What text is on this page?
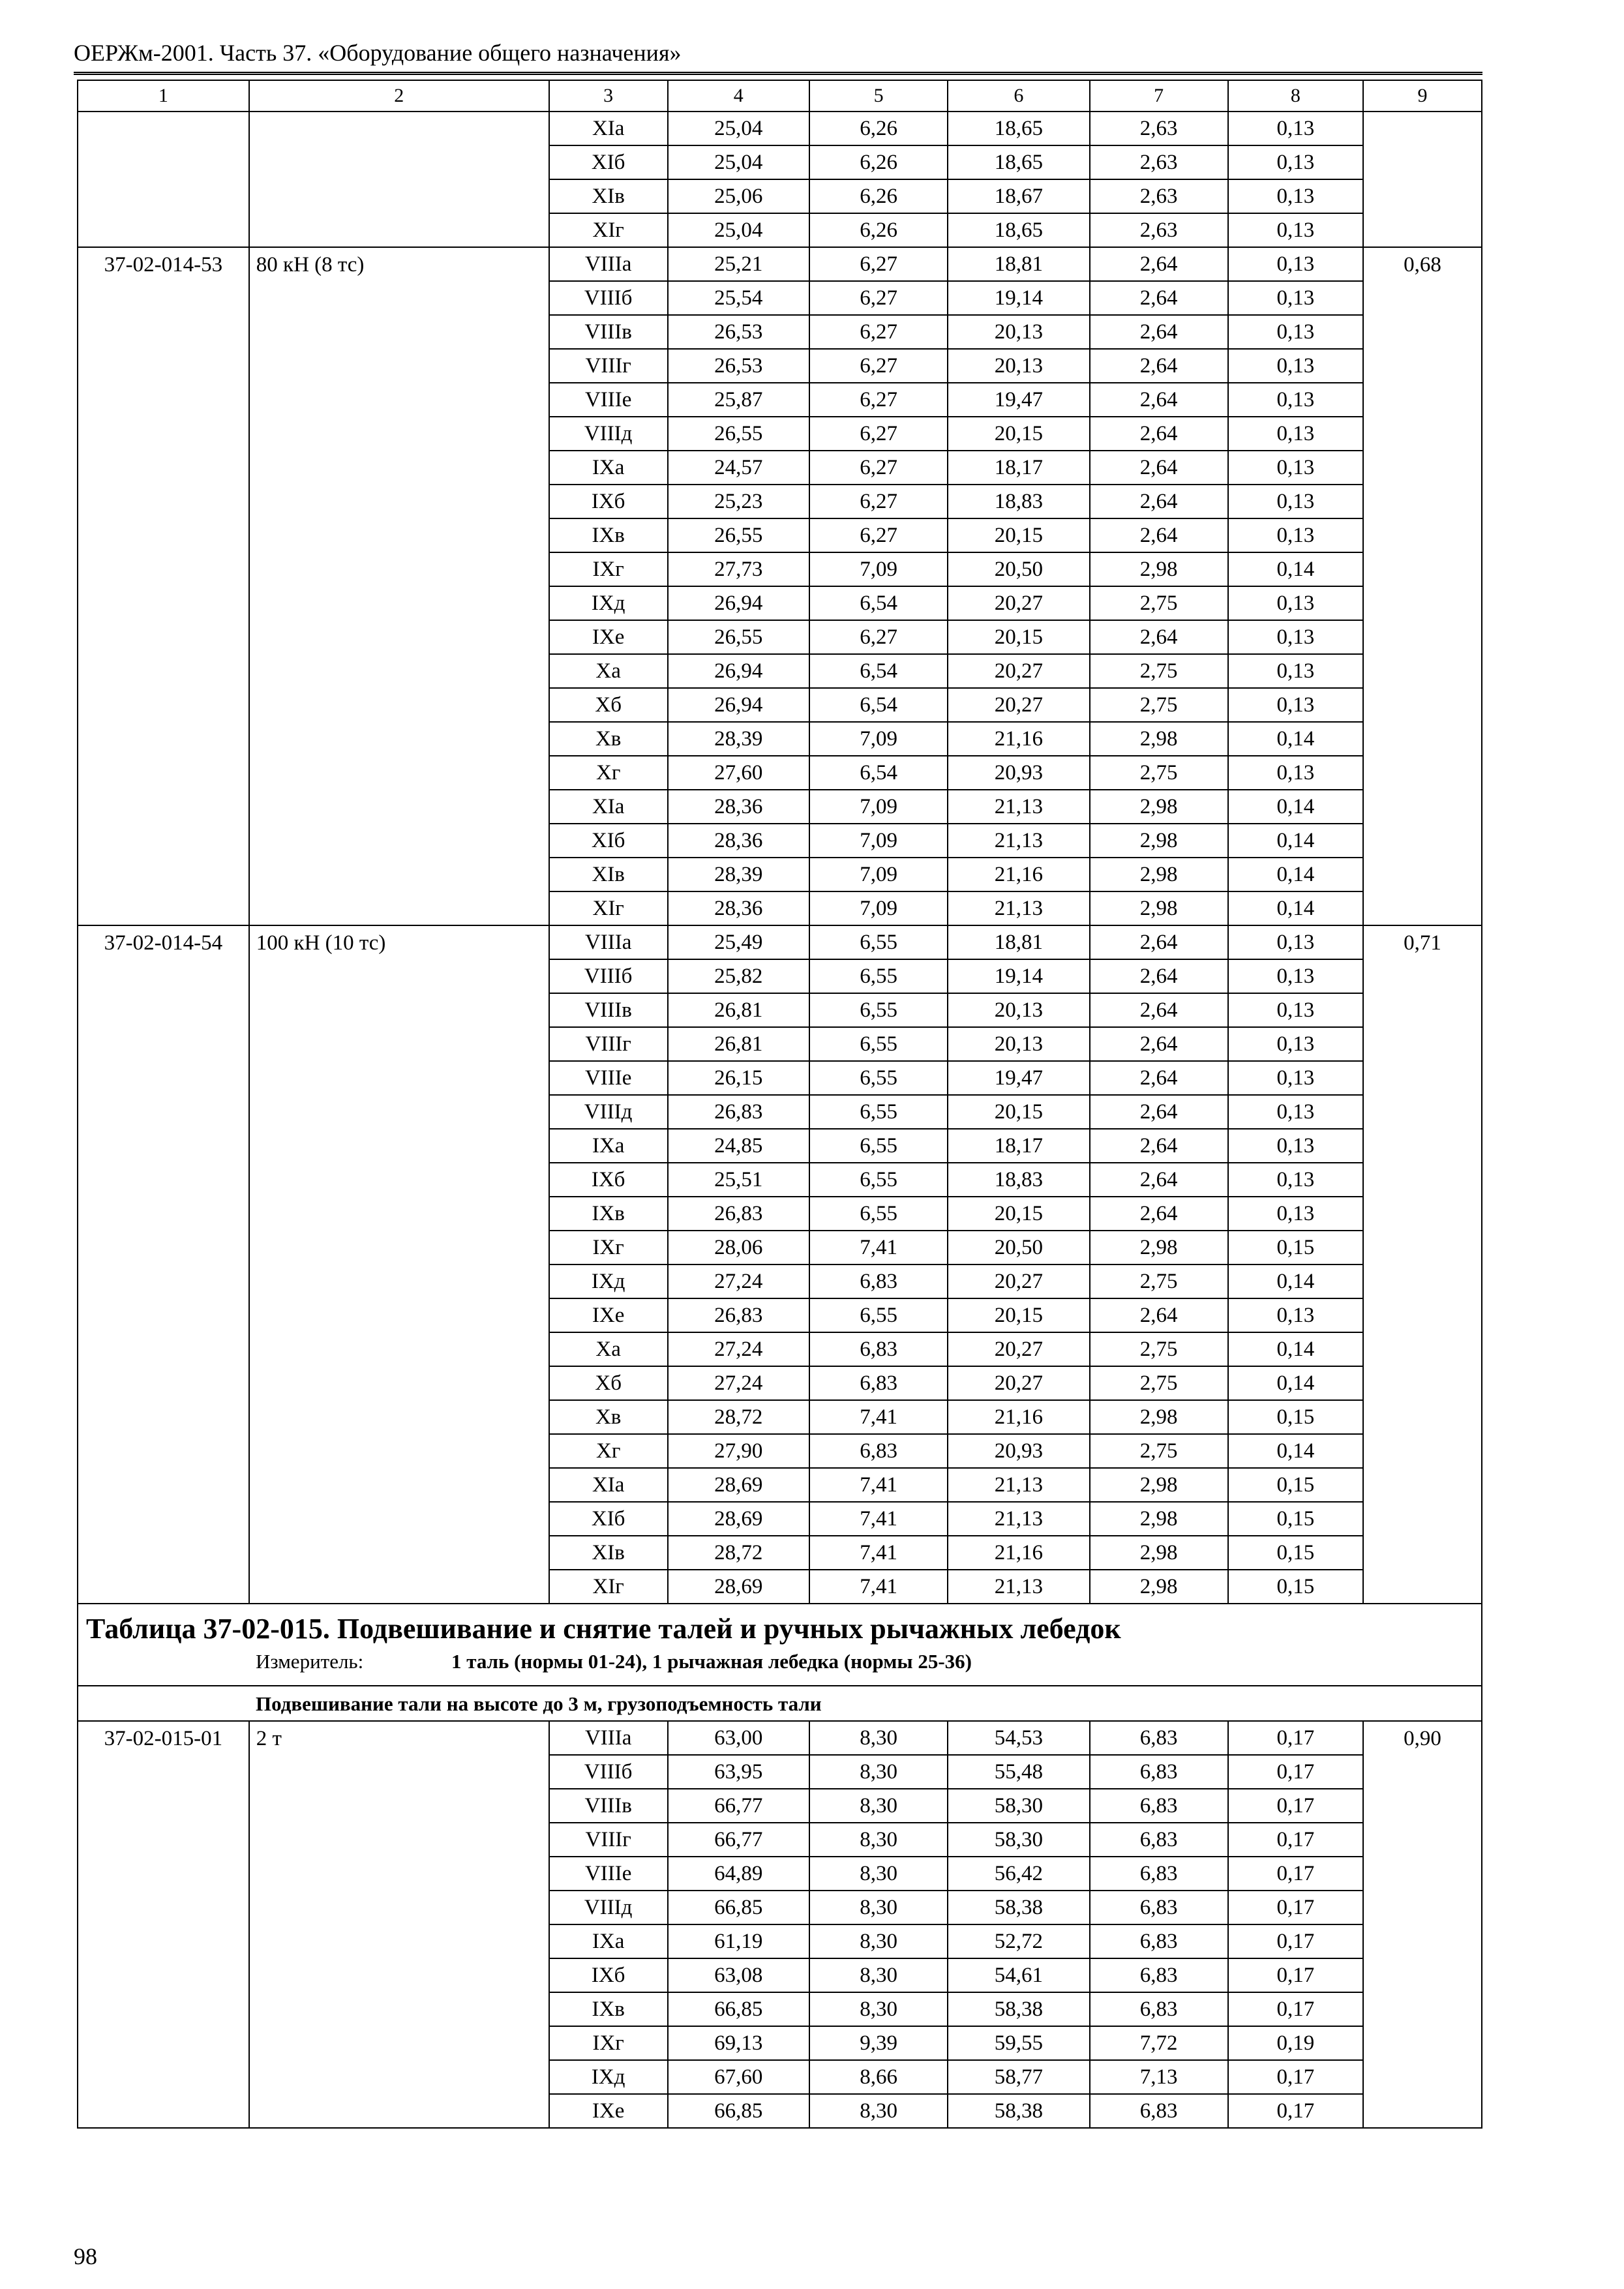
ОЕРЖм-2001. Часть 37. «Оборудование общего назначения»
1	2	3	4	5	6	7	8	9
		XIа	25,04	6,26	18,65	2,63	0,13	
		XIб	25,04	6,26	18,65	2,63	0,13	
		XIв	25,06	6,26	18,67	2,63	0,13	
		XIг	25,04	6,26	18,65	2,63	0,13	
37-02-014-53	80 кН (8 тс)	VIIIа	25,21	6,27	18,81	2,64	0,13	0,68
		VIIIб	25,54	6,27	19,14	2,64	0,13	
		VIIIв	26,53	6,27	20,13	2,64	0,13	
		VIIIг	26,53	6,27	20,13	2,64	0,13	
		VIIIе	25,87	6,27	19,47	2,64	0,13	
		VIIIд	26,55	6,27	20,15	2,64	0,13	
		IXа	24,57	6,27	18,17	2,64	0,13	
		IXб	25,23	6,27	18,83	2,64	0,13	
		IXв	26,55	6,27	20,15	2,64	0,13	
		IXг	27,73	7,09	20,50	2,98	0,14	
		IXд	26,94	6,54	20,27	2,75	0,13	
		IXе	26,55	6,27	20,15	2,64	0,13	
		Xа	26,94	6,54	20,27	2,75	0,13	
		Xб	26,94	6,54	20,27	2,75	0,13	
		Xв	28,39	7,09	21,16	2,98	0,14	
		Xг	27,60	6,54	20,93	2,75	0,13	
		XIа	28,36	7,09	21,13	2,98	0,14	
		XIб	28,36	7,09	21,13	2,98	0,14	
		XIв	28,39	7,09	21,16	2,98	0,14	
		XIг	28,36	7,09	21,13	2,98	0,14	
37-02-014-54	100 кН (10 тс)	VIIIа	25,49	6,55	18,81	2,64	0,13	0,71
		VIIIб	25,82	6,55	19,14	2,64	0,13	
		VIIIв	26,81	6,55	20,13	2,64	0,13	
		VIIIг	26,81	6,55	20,13	2,64	0,13	
		VIIIе	26,15	6,55	19,47	2,64	0,13	
		VIIIд	26,83	6,55	20,15	2,64	0,13	
		IXа	24,85	6,55	18,17	2,64	0,13	
		IXб	25,51	6,55	18,83	2,64	0,13	
		IXв	26,83	6,55	20,15	2,64	0,13	
		IXг	28,06	7,41	20,50	2,98	0,15	
		IXд	27,24	6,83	20,27	2,75	0,14	
		IXе	26,83	6,55	20,15	2,64	0,13	
		Xа	27,24	6,83	20,27	2,75	0,14	
		Xб	27,24	6,83	20,27	2,75	0,14	
		Xв	28,72	7,41	21,16	2,98	0,15	
		Xг	27,90	6,83	20,93	2,75	0,14	
		XIа	28,69	7,41	21,13	2,98	0,15	
		XIб	28,69	7,41	21,13	2,98	0,15	
		XIв	28,72	7,41	21,16	2,98	0,15	
		XIг	28,69	7,41	21,13	2,98	0,15	

Таблица 37-02-015. Подвешивание и снятие талей и ручных рычажных лебедок
Измеритель: 1 таль (нормы 01-24), 1 рычажная лебедка (нормы 25-36)								

Подвешивание тали на высоте до 3 м, грузоподъемность тали								
37-02-015-01	2 т	VIIIа	63,00	8,30	54,53	6,83	0,17	0,90
		VIIIб	63,95	8,30	55,48	6,83	0,17	
		VIIIв	66,77	8,30	58,30	6,83	0,17	
		VIIIг	66,77	8,30	58,30	6,83	0,17	
		VIIIе	64,89	8,30	56,42	6,83	0,17	
		VIIIд	66,85	8,30	58,38	6,83	0,17	
		IXа	61,19	8,30	52,72	6,83	0,17	
		IXб	63,08	8,30	54,61	6,83	0,17	
		IXв	66,85	8,30	58,38	6,83	0,17	
		IXг	69,13	9,39	59,55	7,72	0,19	
		IXд	67,60	8,66	58,77	7,13	0,17	
		IXе	66,85	8,30	58,38	6,83	0,17	
98
